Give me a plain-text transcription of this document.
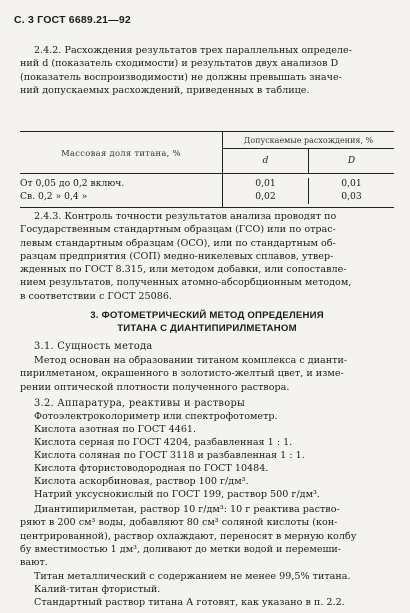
С. 3 ГОСТ 6689.21—92

2.4.2. Расхождения результатов трех параллельных определе-
ний d (показатель сходимости) и результатов двух анализов D
(показатель воспроизводимости) не должны превышать значе-
ний допускаемых расхождений, приведенных в таблице.

Массовая доля титана, %
Допускаемые расхождения, %
d	D
От 0,05 до 0,2 включ.	0,01	0,01
Св. 0,2 » 0,4 »	0,02	0,03

2.4.3. Контроль точности результатов анализа проводят по
Государственным стандартным образцам (ГСО) или по отрас-
левым стандартным образцам (ОСО), или по стандартным об-
разцам предприятия (СОП) медно-никелевых сплавов, утвер-
жденных по ГОСТ 8.315, или методом добавки, или сопоставле-
нием результатов, полученных атомно-абсорбционным методом,
в соответствии с ГОСТ 25086.

3. ФОТОМЕТРИЧЕСКИЙ МЕТОД ОПРЕДЕЛЕНИЯ
ТИТАНА С ДИАНТИПИРИЛМЕТАНОМ
3.1. Сущность метода

Метод основан на образовании титаном комплекса с дианти-
пирилметаном, окрашенного в золотисто-желтый цвет, и изме-
рении оптической плотности полученного раствора.

3.2. Аппаратура, реактивы и растворы
Фотоэлектроколориметр или спектрофотометр.
Кислота азотная по ГОСТ 4461.
Кислота серная по ГОСТ 4204, разбавленная 1 : 1.
Кислота соляная по ГОСТ 3118 и разбавленная 1 : 1.
Кислота фтористоводородная по ГОСТ 10484.
Кислота аскорбиновая, раствор 100 г/дм³.
Натрий уксуснокислый по ГОСТ 199, раствор 500 г/дм³.

Диантипирилметан, раствор 10 г/дм³: 10 г реактива раство-
ряют в 200 см³ воды, добавляют 80 см³ соляной кислоты (кон-
центрированной), раствор охлаждают, переносят в мерную колбу
бу вместимостью 1 дм³, доливают до метки водой и перемеши-
вают.

Титан металлический с содержанием не менее 99,5% титана.
Калий-титан фтористый.
Стандартный раствор титана А готовят, как указано в п. 2.2.
